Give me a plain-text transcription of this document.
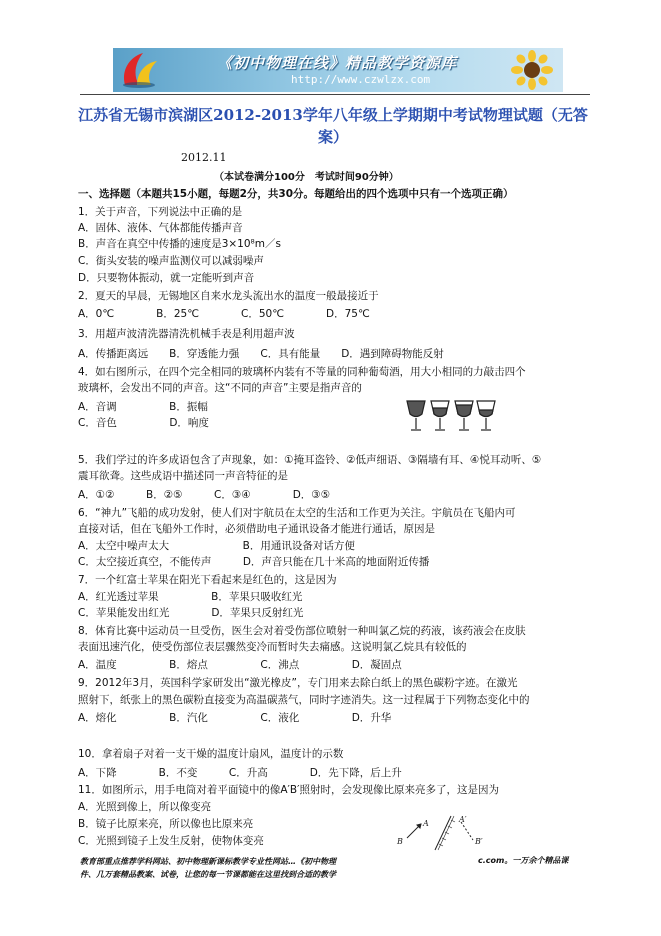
《初中物理在线》精品教学资源库
http://www.czwlzx.com
江苏省无锡市滨湖区2012-2013学年八年级上学期期中考试物理试题（无答案）
2012.11
（本试卷满分100分　考试时间90分钟）
一、选择题（本题共15小题，每题2分，共30分。每题给出的四个选项中只有一个选项正确）
1．关于声音，下列说法中正确的是
A．固体、液体、气体都能传播声音
B．声音在真空中传播的速度是3×10⁸m／s
C．街头安装的噪声监测仪可以减弱噪声
D．只要物体振动，就一定能听到声音
2．夏天的早晨，无锡地区自来水龙头流出水的温度一般最接近于
A．0℃　　　　B．25℃　　　　C．50℃　　　　D．75℃
3．用超声波清洗器清洗机械手表是利用超声波
A．传播距离远　　B．穿透能力强　　C．具有能量　　D．遇到障碍物能反射
4．如右图所示，在四个完全相同的玻璃杯内装有不等量的同种葡萄酒，用大小相同的力敲击四个
玻璃杯，会发出不同的声音。这“不同的声音”主要是指声音的
A．音调　　　　　B．振幅
C．音色　　　　　D．响度
5．我们学过的许多成语包含了声现象，如：①掩耳盗铃、②低声细语、③隔墙有耳、④悦耳动听、⑤
震耳欲聋。这些成语中描述同一声音特征的是
A．①②　　　B．②⑤　　　C．③④　　　　D．③⑤
6．“神九”飞船的成功发射，使人们对宇航员在太空的生活和工作更为关注。宇航员在飞船内可
直接对话，但在飞船外工作时，必须借助电子通讯设备才能进行通话，原因是
A．太空中噪声太大　　　　　　　B．用通讯设备对话方便
C．太空接近真空，不能传声　　　D．声音只能在几十米高的地面附近传播
7．一个红富士苹果在阳光下看起来是红色的，这是因为
A．红光透过苹果　　　　　B．苹果只吸收红光
C．苹果能发出红光　　　　D．苹果只反射红光
8．体育比赛中运动员一旦受伤，医生会对着受伤部位喷射一种叫氯乙烷的药液，该药液会在皮肤
表面迅速汽化，使受伤部位表层骤然变冷而暂时失去痛感。这说明氯乙烷具有较低的
A．温度　　　　　B．熔点　　　　　C．沸点　　　　　D．凝固点
9．2012年3月，英国科学家研发出“激光橡皮”，专门用来去除白纸上的黑色碳粉字迹。在激光
照射下，纸张上的黑色碳粉直接变为高温碳蒸气，同时字迹消失。这一过程属于下列物态变化中的
A．熔化　　　　　B．汽化　　　　　C．液化　　　　　D．升华
10．拿着扇子对着一支干燥的温度计扇风，温度计的示数
A．下降　　　　B．不变　　　C．升高　　　　D．先下降，后上升
11．如图所示，用手电筒对着平面镜中的像A′B′照射时，会发现像比原来亮多了，这是因为
A．光照到像上，所以像变亮
B．镜子比原来亮，所以像也比原来亮
C．光照到镜子上发生反射，使物体变亮	B
A	A′
B′
教育部重点推荐学科网站、初中物理新课标教学专业性网站…《初中物理
件、几万套精品教案、试卷，让您的每一节课都能在这里找到合适的教学
c.com。一万余个精品课
